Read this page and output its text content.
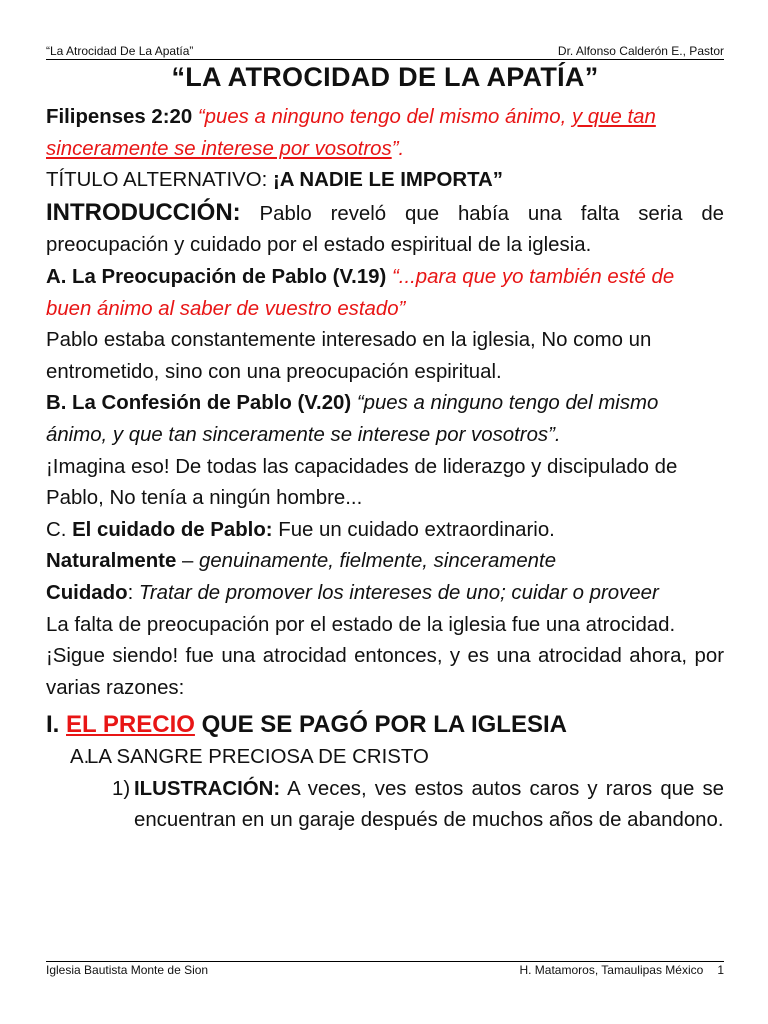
“La Atrocidad De La Apatía”	Dr. Alfonso Calderón E., Pastor
“LA ATROCIDAD DE LA APATÍA”

Filipenses 2:20 “pues a ninguno tengo del mismo ánimo, y que tan sinceramente se interese por vosotros”.

TÍTULO ALTERNATIVO: ¡A NADIE LE IMPORTA”

INTRODUCCIÓN: Pablo reveló que había una falta seria de preocupación y cuidado por el estado espiritual de la iglesia.

A. La Preocupación de Pablo (V.19) “...para que yo también esté de buen ánimo al saber de vuestro estado”

Pablo estaba constantemente interesado en la iglesia, No como un entrometido, sino con una preocupación espiritual.

B. La Confesión de Pablo (V.20) “pues a ninguno tengo del mismo ánimo, y que tan sinceramente se interese por vosotros”.

¡Imagina eso! De todas las capacidades de liderazgo y discipulado de Pablo, No tenía a ningún hombre...

C. El cuidado de Pablo: Fue un cuidado extraordinario.

Naturalmente – genuinamente, fielmente, sinceramente

Cuidado: Tratar de promover los intereses de uno; cuidar o proveer

La falta de preocupación por el estado de la iglesia fue una atrocidad.

¡Sigue siendo! fue una atrocidad entonces, y es una atrocidad ahora, por varias razones:

I. EL PRECIO QUE SE PAGÓ POR LA IGLESIA

A.LA SANGRE PRECIOSA DE CRISTO

1) ILUSTRACIÓN: A veces, ves estos autos caros y raros que se encuentran en un garaje después de muchos años de abandono.
Iglesia Bautista Monte de Sion	H. Matamoros, Tamaulipas México 1
